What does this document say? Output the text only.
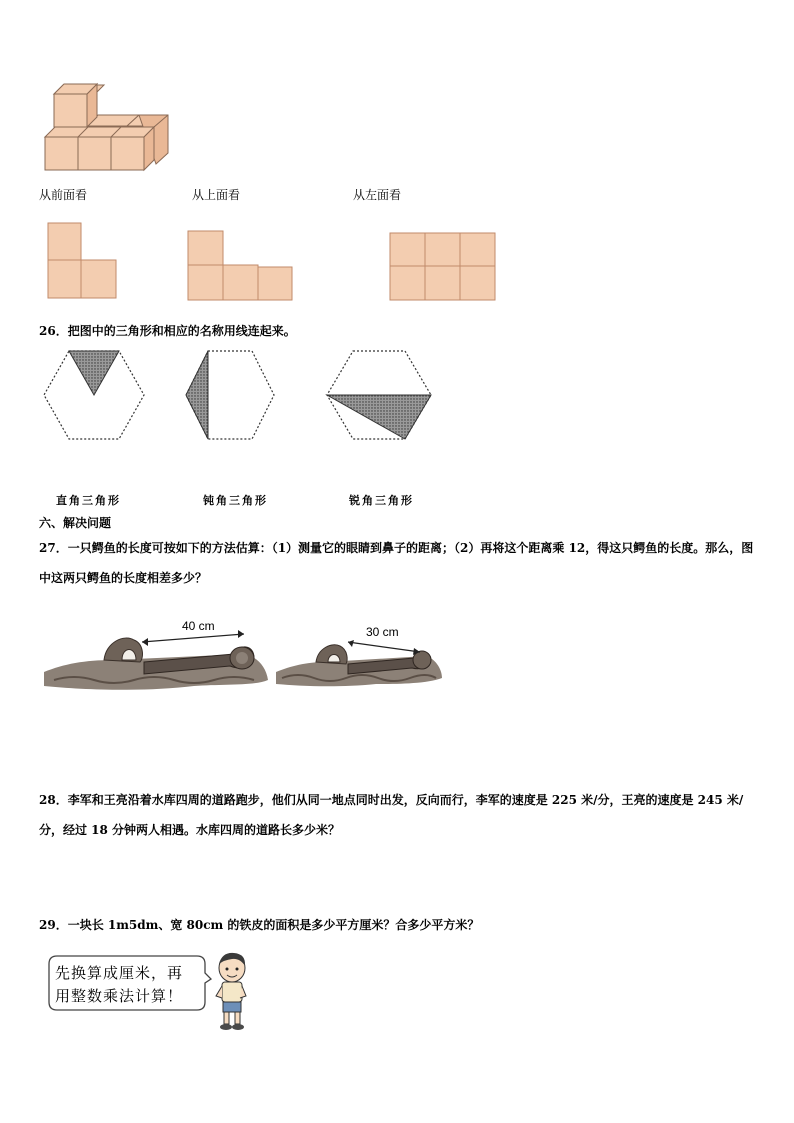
从前面看	从上面看	从左面看
26．把图中的三角形和相应的名称用线连起来。
直角三角形	钝角三角形	锐角三角形
六、解决问题
27．一只鳄鱼的长度可按如下的方法估算：（1）测量它的眼睛到鼻子的距离；（2）再将这个距离乘 12，得这只鳄鱼的长度。那么，图中这两只鳄鱼的长度相差多少？
40 cm	30 cm
28．李军和王亮沿着水库四周的道路跑步，他们从同一地点同时出发，反向而行，李军的速度是 225 米/分，王亮的速度是 245 米/分，经过 18 分钟两人相遇。水库四周的道路长多少米？
29．一块长 1m5dm、宽 80cm 的铁皮的面积是多少平方厘米？合多少平方米？
先换算成厘米，再
用整数乘法计算！
